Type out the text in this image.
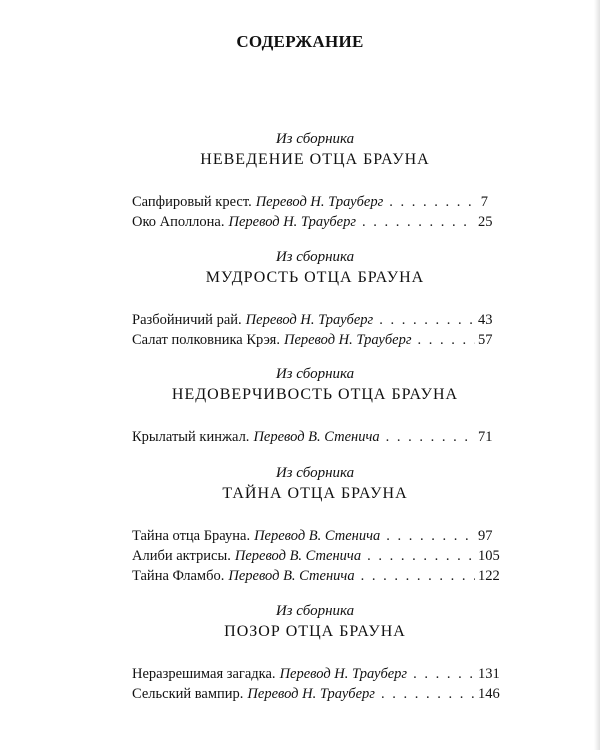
СОДЕРЖАНИЕ
Из сборника
НЕВЕДЕНИЕ ОТЦА БРАУНА
Сапфировый крест. Перевод Н. Трауберг . . .	7
Око Аполлона. Перевод Н. Трауберг . . .	25
Из сборника
МУДРОСТЬ ОТЦА БРАУНА
Разбойничий рай. Перевод Н. Трауберг . . .	43
Салат полковника Крэя. Перевод Н. Трауберг . . .	57
Из сборника
НЕДОВЕРЧИВОСТЬ ОТЦА БРАУНА
Крылатый кинжал. Перевод В. Стенича . . .	71
Из сборника
ТАЙНА ОТЦА БРАУНА
Тайна отца Брауна. Перевод В. Стенича . . .	97
Алиби актрисы. Перевод В. Стенича . . .	105
Тайна Фламбо. Перевод В. Стенича . . .	122
Из сборника
ПОЗОР ОТЦА БРАУНА
Неразрешимая загадка. Перевод Н. Трауберг . . .	131
Сельский вампир. Перевод Н. Трауберг . . .	146
